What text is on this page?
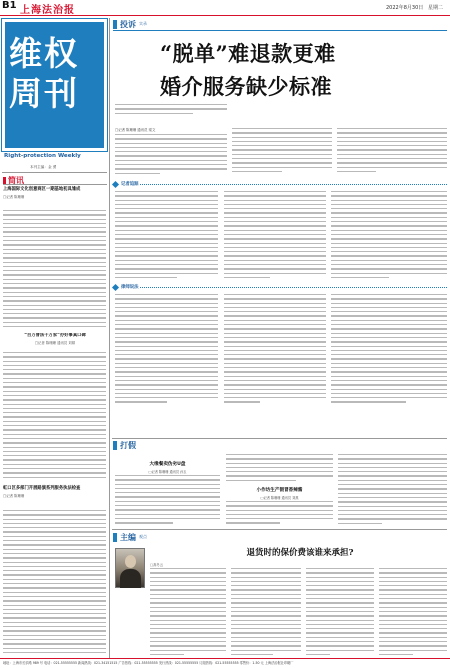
B1 上海法治报	2022年8月30日 星期二
维权周刊
Right-protection Weekly
本刊主编：金 勇
简讯
上海国际文化创意商区一期基地初具雏成
□记者 陈珊珊
“百万普法千万家”办好事真口碑
□记者 陈珊珊 通讯员 刘婧
虹口区多部门开展路演系列服务执法检查
□记者 陈珊珊
投诉 实录
“脱单”难退款更难
婚介服务缺少标准
□记者 陈珊珊 通讯员 梁文
记者追踪
律师说法
打假
大缘餐卖伪劣U盘
□记者 陈珊珊 通讯员 孙玉
小作坊生产假冒香辣酱
□记者 陈珊珊 通讯员 刘燕
主编 观点
退货时的保价费该谁来承担?
□高冬云
地址：上海市长乐路 989 号 电话：021-55555555 新闻热线：021-34151515 广告热线：021-55555555 发行热线：021-55555555 订阅热线：021-55555555 零售价：1.50 元 上海法治报社印刷厂
